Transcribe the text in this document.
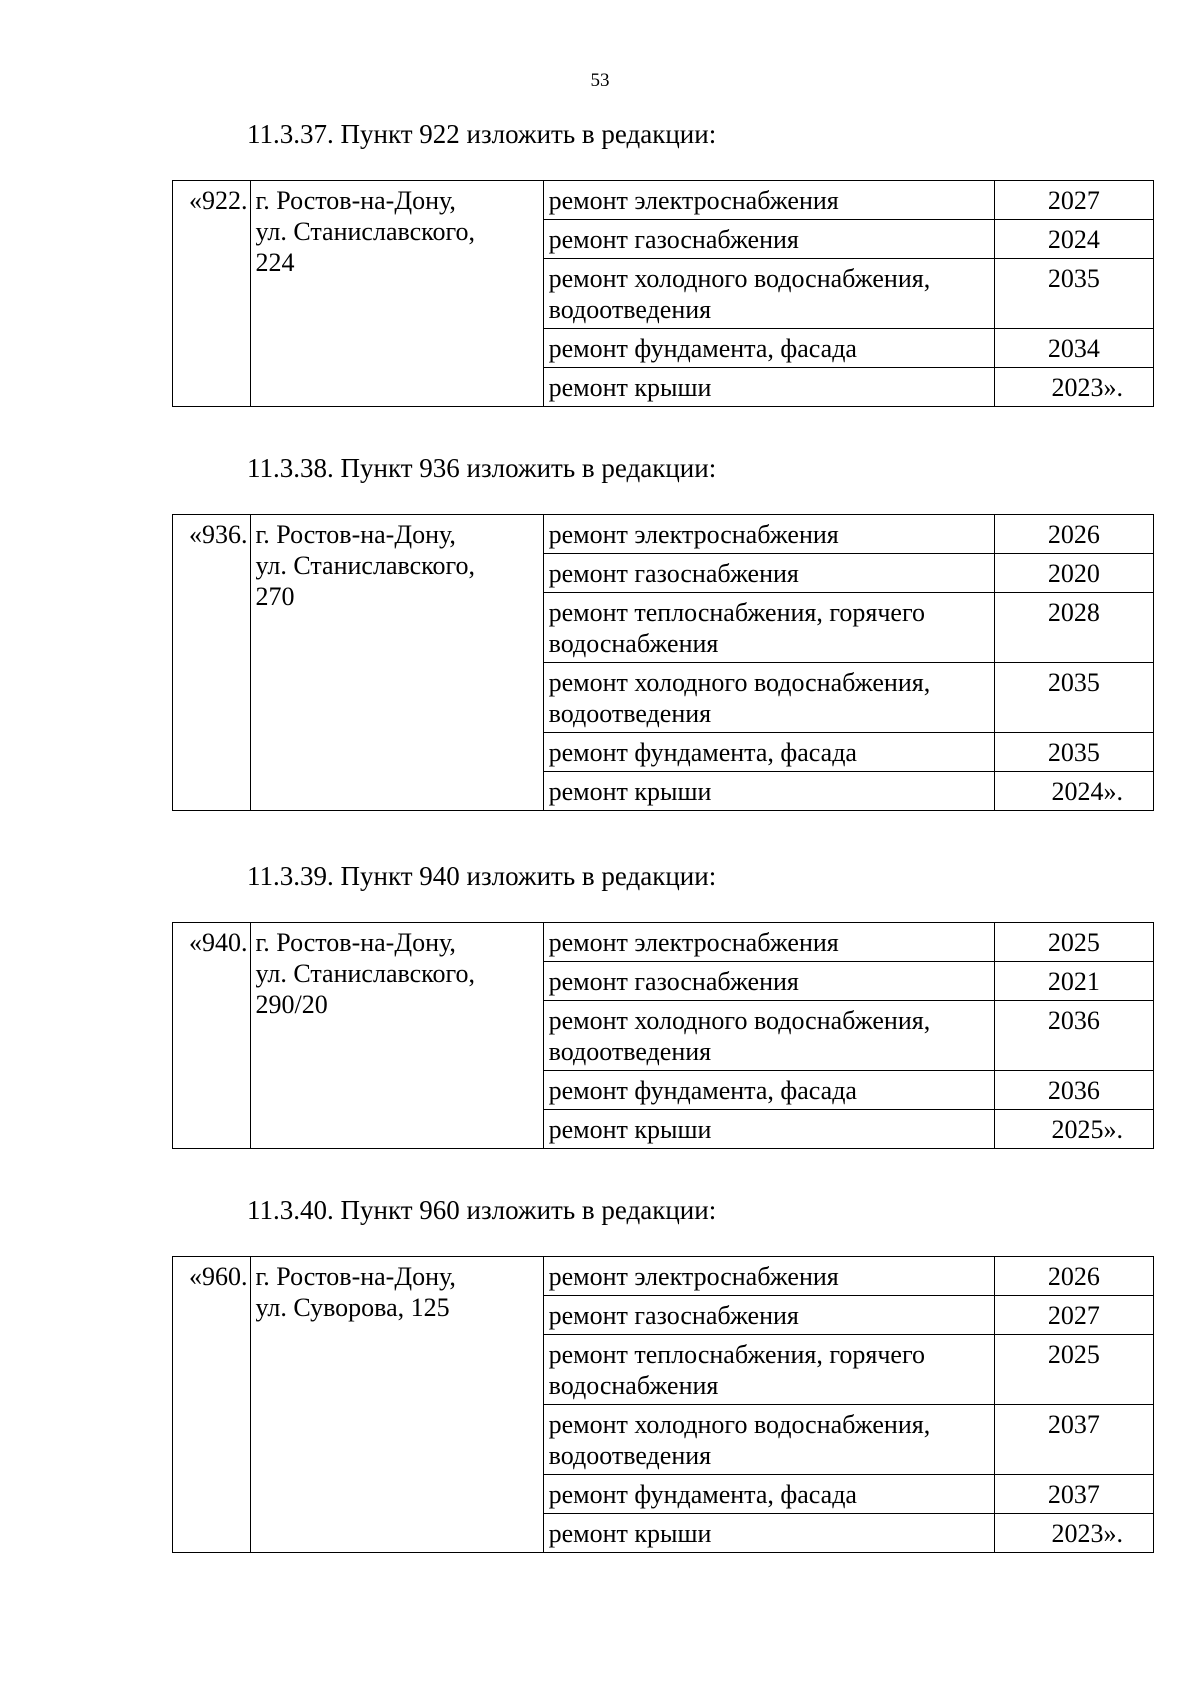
53
11.3.37. Пункт 922 изложить в редакции:
«922.	г. Ростов-на-Дону,
ул. Станиславского,
224	ремонт электроснабжения	2027
		ремонт газоснабжения	2024
		ремонт холодного водоснабжения,
водоотведения	2035
		ремонт фундамента, фасада	2034
		ремонт крыши	2023».
11.3.38. Пункт 936 изложить в редакции:
«936.	г. Ростов-на-Дону,
ул. Станиславского,
270	ремонт электроснабжения	2026
		ремонт газоснабжения	2020
		ремонт теплоснабжения, горячего
водоснабжения	2028
		ремонт холодного водоснабжения,
водоотведения	2035
		ремонт фундамента, фасада	2035
		ремонт крыши	2024».
11.3.39. Пункт 940 изложить в редакции:
«940.	г. Ростов-на-Дону,
ул. Станиславского,
290/20	ремонт электроснабжения	2025
		ремонт газоснабжения	2021
		ремонт холодного водоснабжения,
водоотведения	2036
		ремонт фундамента, фасада	2036
		ремонт крыши	2025».
11.3.40. Пункт 960 изложить в редакции:
«960.	г. Ростов-на-Дону,
ул. Суворова, 125	ремонт электроснабжения	2026
		ремонт газоснабжения	2027
		ремонт теплоснабжения, горячего
водоснабжения	2025
		ремонт холодного водоснабжения,
водоотведения	2037
		ремонт фундамента, фасада	2037
		ремонт крыши	2023».
